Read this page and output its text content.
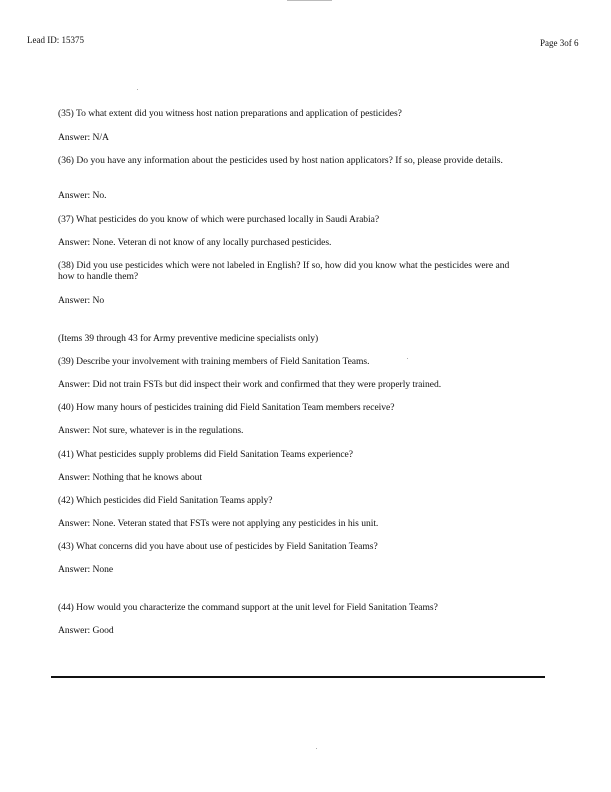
Lead ID: 15375	Page 3of 6
(35) To what extent did you witness host nation preparations and application of pesticides?
Answer: N/A
(36) Do you have any information about the pesticides used by host nation applicators? If so, please provide details.
Answer: No.
(37) What pesticides do you know of which were purchased locally in Saudi Arabia?
Answer: None. Veteran di not know of any locally purchased pesticides.
(38) Did you use pesticides which were not labeled in English? If so, how did you know what the pesticides were and how to handle them?
Answer: No
(Items 39 through 43 for Army preventive medicine specialists only)
(39) Describe your involvement with training members of Field Sanitation Teams.
Answer: Did not train FSTs but did inspect their work and confirmed that they were properly trained.
(40) How many hours of pesticides training did Field Sanitation Team members receive?
Answer: Not sure, whatever is in the regulations.
(41) What pesticides supply problems did Field Sanitation Teams experience?
Answer: Nothing that he knows about
(42) Which pesticides did Field Sanitation Teams apply?
Answer: None. Veteran stated that FSTs were not applying any pesticides in his unit.
(43) What concerns did you have about use of pesticides by Field Sanitation Teams?
Answer: None
(44) How would you characterize the command support at the unit level for Field Sanitation Teams?
Answer: Good
